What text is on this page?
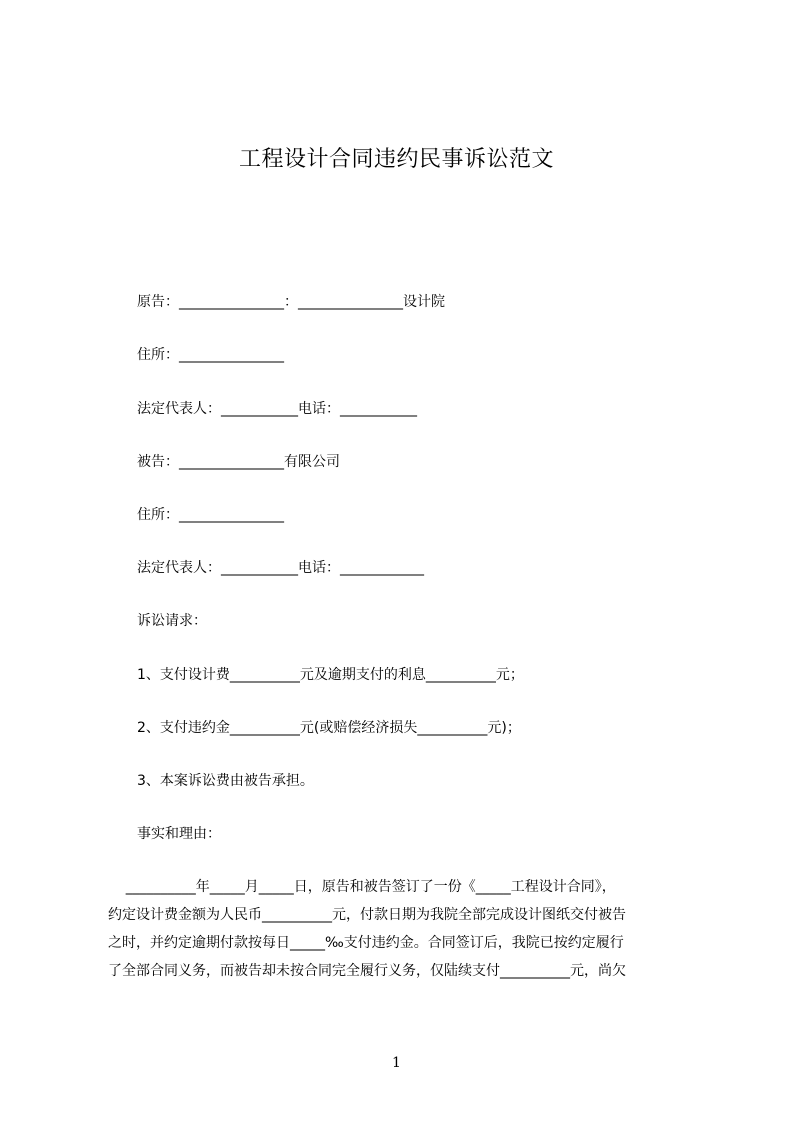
工程设计合同违约民事诉讼范文
原告：_______________：_______________设计院
住所：_______________
法定代表人：___________电话：___________
被告：_______________有限公司
住所：_______________
法定代表人：___________电话：____________
诉讼请求：
1、支付设计费__________元及逾期支付的利息__________元；
2、支付违约金__________元(或赔偿经济损失__________元)；
3、本案诉讼费由被告承担。
事实和理由：
__________年_____月_____日，原告和被告签订了一份《_____工程设计合同》，
约定设计费金额为人民币__________元，付款日期为我院全部完成设计图纸交付被告
之时，并约定逾期付款按每日_____‰支付违约金。合同签订后，我院已按约定履行
了全部合同义务，而被告却未按合同完全履行义务，仅陆续支付__________元，尚欠
1
